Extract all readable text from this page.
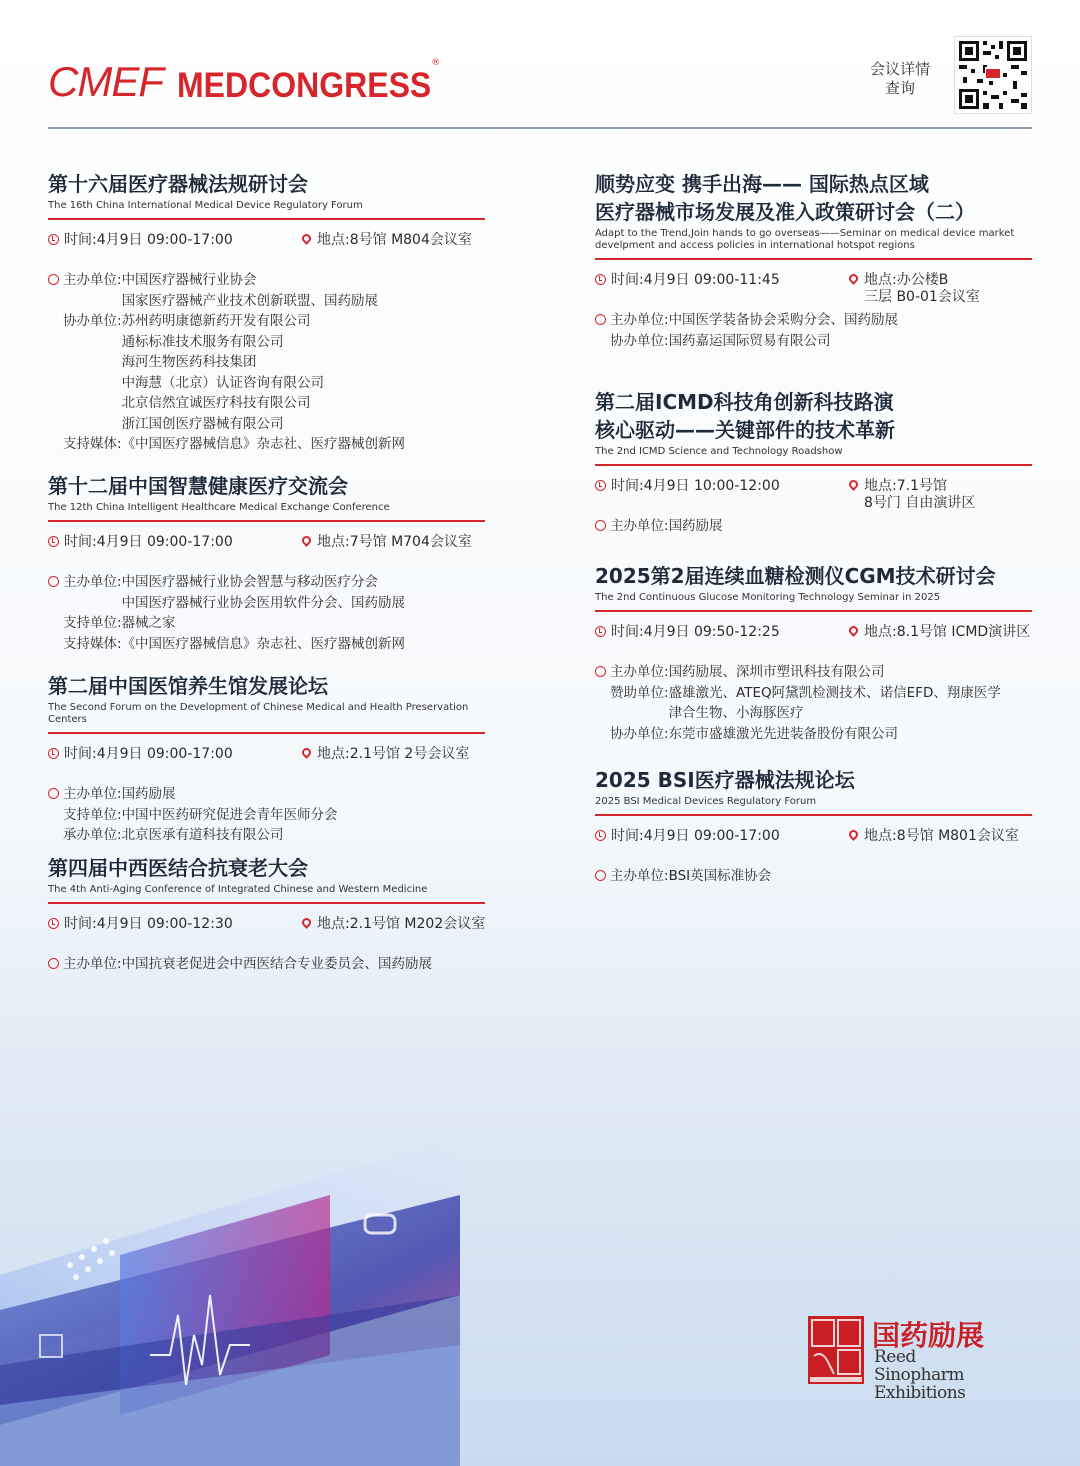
CMEF MEDCONGRESS®	会议详情
查询
第十六届医疗器械法规研讨会
The 16th China International Medical Device Regulatory Forum
时间:4月9日 09:00-17:00	地点:8号馆 M804会议室
主办单位: 中国医疗器械行业协会
国家医疗器械产业技术创新联盟、国药励展
协办单位: 苏州药明康德新药开发有限公司
通标标准技术服务有限公司
海河生物医药科技集团
中海慧（北京）认证咨询有限公司
北京信然宜诚医疗科技有限公司
浙江国创医疗器械有限公司
支持媒体: 《中国医疗器械信息》杂志社、医疗器械创新网
第十二届中国智慧健康医疗交流会
The 12th China Intelligent Healthcare Medical Exchange Conference
时间:4月9日 09:00-17:00	地点:7号馆 M704会议室
主办单位: 中国医疗器械行业协会智慧与移动医疗分会
中国医疗器械行业协会医用软件分会、国药励展
支持单位: 器械之家
支持媒体: 《中国医疗器械信息》杂志社、医疗器械创新网
第二届中国医馆养生馆发展论坛
The Second Forum on the Development of Chinese Medical and Health Preservation Centers
时间:4月9日 09:00-17:00	地点:2.1号馆 2号会议室
主办单位: 国药励展
支持单位: 中国中医药研究促进会青年医师分会
承办单位: 北京医承有道科技有限公司
第四届中西医结合抗衰老大会
The 4th Anti-Aging Conference of Integrated Chinese and Western Medicine
时间:4月9日 09:00-12:30	地点:2.1号馆 M202会议室
主办单位: 中国抗衰老促进会中西医结合专业委员会、国药励展
顺势应变 携手出海—— 国际热点区域
医疗器械市场发展及准入政策研讨会（二）
Adapt to the Trend,Join hands to go overseas——Seminar on medical device market
develpment and access policies in international hotspot regions
时间:4月9日 09:00-11:45	地点:办公楼B
三层 B0-01会议室
主办单位: 中国医学装备协会采购分会、国药励展
协办单位: 国药嘉运国际贸易有限公司
第二届ICMD科技角创新科技路演
核心驱动——关键部件的技术革新
The 2nd ICMD Science and Technology Roadshow
时间:4月9日 10:00-12:00	地点:7.1号馆
8号门 自由演讲区
主办单位: 国药励展
2025第2届连续血糖检测仪CGM技术研讨会
The 2nd Continuous Glucose Monitoring Technology Seminar in 2025
时间:4月9日 09:50-12:25	地点:8.1号馆 ICMD演讲区
主办单位: 国药励展、深圳市塑讯科技有限公司
赞助单位: 盛雄激光、ATEQ阿黛凯检测技术、诺信EFD、翔康医学
津合生物、小海豚医疗
协办单位: 东莞市盛雄激光先进装备股份有限公司
2025 BSI医疗器械法规论坛
2025 BSI Medical Devices Regulatory Forum
时间:4月9日 09:00-17:00	地点:8号馆 M801会议室
主办单位: BSI英国标准协会
国药励展
Reed Sinopharm
Exhibitions
